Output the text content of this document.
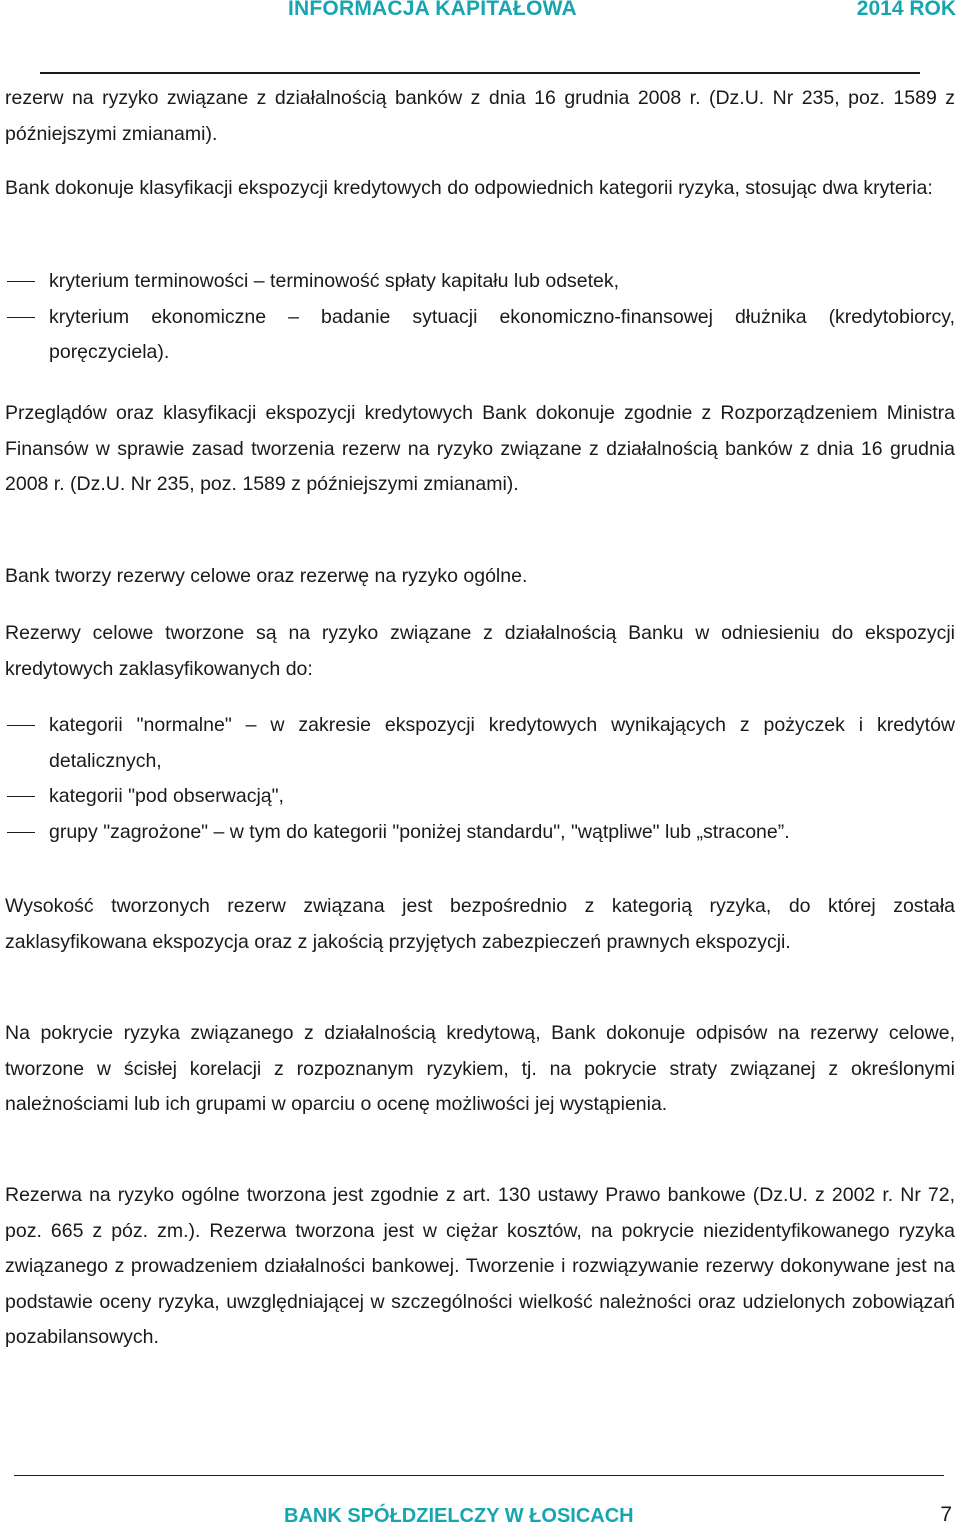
INFORMACJA KAPITAŁOWA	2014 ROK

rezerw na ryzyko związane z działalnością banków z dnia 16 grudnia 2008 r. (Dz.U. Nr 235, poz. 1589 z późniejszymi zmianami).

Bank dokonuje klasyfikacji ekspozycji kredytowych do odpowiednich kategorii ryzyka, stosując dwa kryteria:

kryterium terminowości – terminowość spłaty kapitału lub odsetek,
kryterium ekonomiczne – badanie sytuacji ekonomiczno-finansowej dłużnika (kredytobiorcy, poręczyciela).

Przeglądów oraz klasyfikacji ekspozycji kredytowych Bank dokonuje zgodnie z Rozporządzeniem Ministra Finansów w sprawie zasad tworzenia rezerw na ryzyko związane z działalnością banków z dnia 16 grudnia 2008 r. (Dz.U. Nr 235, poz. 1589 z późniejszymi zmianami).

Bank tworzy rezerwy celowe oraz rezerwę na ryzyko ogólne.

Rezerwy celowe tworzone są na ryzyko związane z działalnością Banku w odniesieniu do ekspozycji kredytowych zaklasyfikowanych do:

kategorii "normalne" – w zakresie ekspozycji kredytowych wynikających z pożyczek i kredytów detalicznych,
kategorii "pod obserwacją",
grupy "zagrożone" – w tym do kategorii "poniżej standardu", "wątpliwe" lub „stracone”.

Wysokość tworzonych rezerw związana jest bezpośrednio z kategorią ryzyka, do której została zaklasyfikowana ekspozycja oraz z jakością przyjętych zabezpieczeń prawnych ekspozycji.

Na pokrycie ryzyka związanego z działalnością kredytową, Bank dokonuje odpisów na rezerwy celowe, tworzone w ścisłej korelacji z rozpoznanym ryzykiem, tj. na pokrycie straty związanej z określonymi należnościami lub ich grupami w oparciu o ocenę możliwości jej wystąpienia.

Rezerwa na ryzyko ogólne tworzona jest zgodnie z art. 130 ustawy Prawo bankowe (Dz.U. z 2002 r. Nr 72, poz. 665 z póz. zm.). Rezerwa tworzona jest w ciężar kosztów, na pokrycie niezidentyfikowanego ryzyka związanego z prowadzeniem działalności bankowej. Tworzenie i rozwiązywanie rezerwy dokonywane jest na podstawie oceny ryzyka, uwzględniającej w szczególności wielkość należności oraz udzielonych zobowiązań pozabilansowych.

BANK SPÓŁDZIELCZY W ŁOSICACH	7
